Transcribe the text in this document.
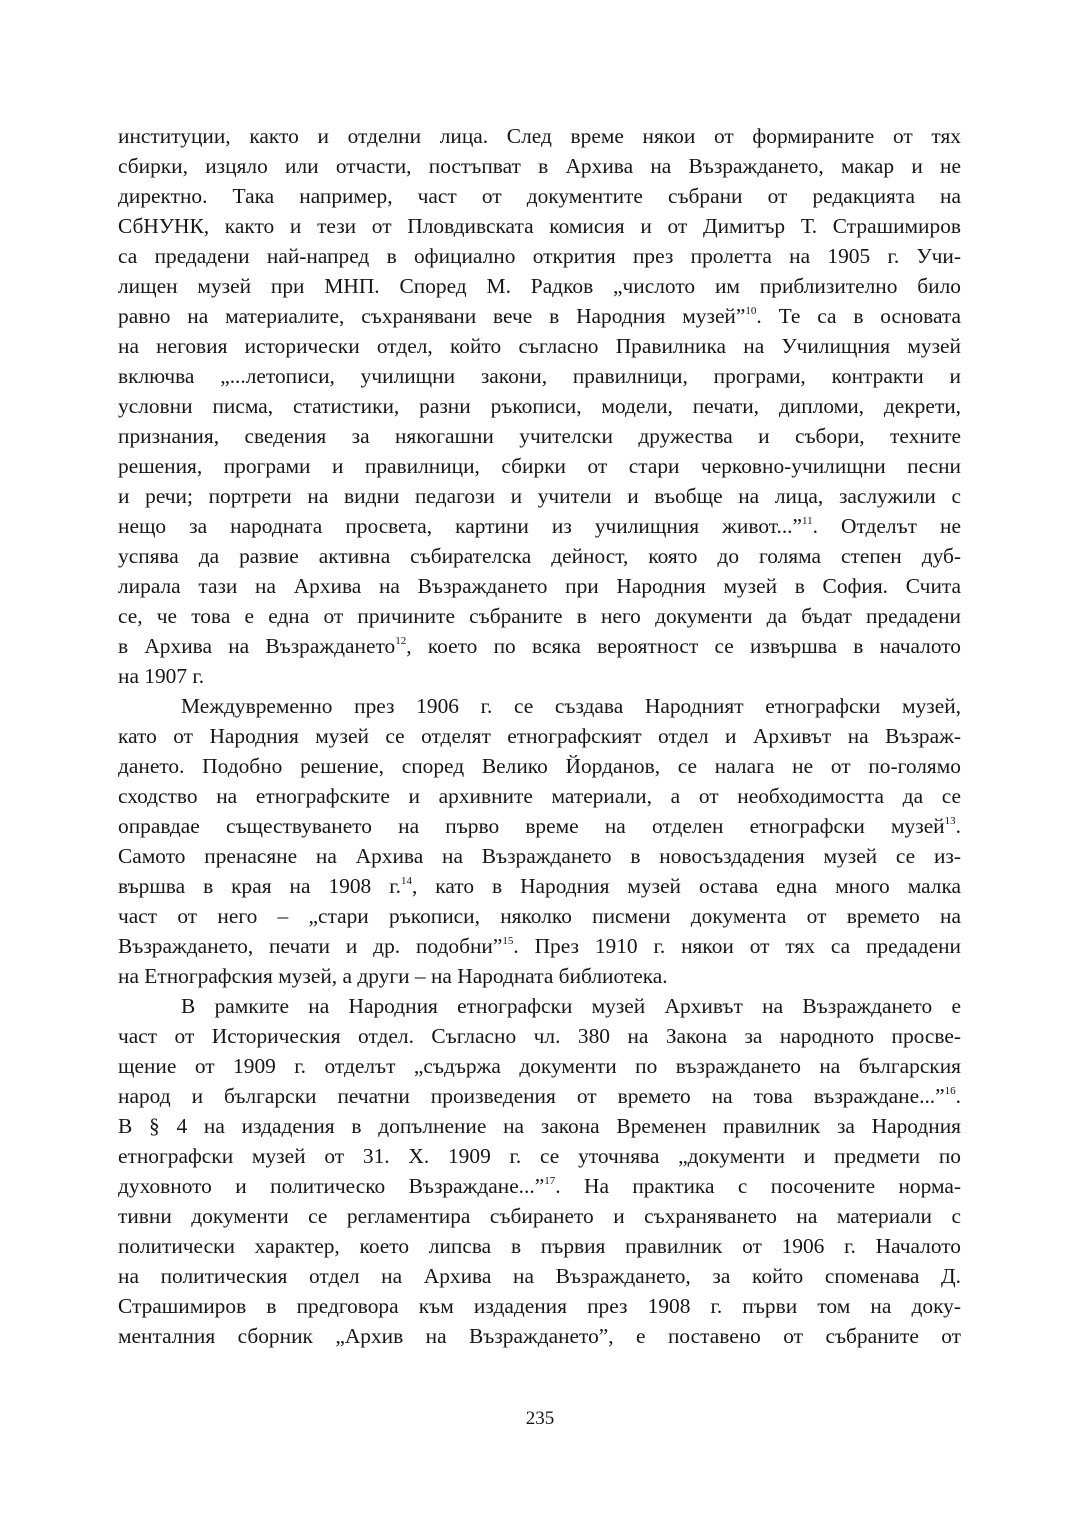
институции, както и отделни лица. След време някои от формираните от тях
сбирки, изцяло или отчасти, постъпват в Архива на Възраждането, макар и не
директно. Така например, част от документите събрани от редакцията на
СбНУНК, както и тези от Пловдивската комисия и от Димитър Т. Страшимиров
са предадени най-напред в официално открития през пролетта на 1905 г. Учи-
лищен музей при МНП. Според М. Радков „числото им приблизително било
равно на материалите, съхранявани вече в Народния музей”$^{10}$. Те са в основата
на неговия исторически отдел, който съгласно Правилника на Училищния музей
включва „...летописи, училищни закони, правилници, програми, контракти и
условни писма, статистики, разни ръкописи, модели, печати, дипломи, декрети,
признания, сведения за някогашни учителски дружества и събори, техните
решения, програми и правилници, сбирки от стари черковно-училищни песни
и речи; портрети на видни педагози и учители и въобще на лица, заслужили с
нещо за народната просвета, картини из училищния живот...”$^{11}$. Отделът не
успява да развие активна събирателска дейност, която до голяма степен дуб-
лирала тази на Архива на Възраждането при Народния музей в София. Счита
се, че това е една от причините събраните в него документи да бъдат предадени
в Архива на Възраждането$^{12}$, което по всяка вероятност се извършва в началото
на 1907 г.
Междувременно през 1906 г. се създава Народният етнографски музей,
като от Народния музей се отделят етнографският отдел и Архивът на Възраж-
дането. Подобно решение, според Велико Йорданов, се налага не от по-голямо
сходство на етнографските и архивните материали, а от необходимостта да се
оправдае съществуването на първо време на отделен етнографски музей$^{13}$.
Самото пренасяне на Архива на Възраждането в новосъздадения музей се из-
вършва в края на 1908 г.$^{14}$, като в Народния музей остава една много малка
част от него – „стари ръкописи, няколко писмени документа от времето на
Възраждането, печати и др. подобни”$^{15}$. През 1910 г. някои от тях са предадени
на Етнографския музей, а други – на Народната библиотека.
В рамките на Народния етнографски музей Архивът на Възраждането е
част от Историческия отдел. Съгласно чл. 380 на Закона за народното просве-
щение от 1909 г. отделът „съдържа документи по възраждането на българския
народ и български печатни произведения от времето на това възраждане...”$^{16}$.
В § 4 на издадения в допълнение на закона Временен правилник за Народния
етнографски музей от 31. Х. 1909 г. се уточнява „документи и предмети по
духовното и политическо Възраждане...”$^{17}$. На практика с посочените норма-
тивни документи се регламентира събирането и съхраняването на материали с
политически характер, което липсва в първия правилник от 1906 г. Началото
на политическия отдел на Архива на Възраждането, за който споменава Д.
Страшимиров в предговора към издадения през 1908 г. първи том на доку-
менталния сборник „Архив на Възраждането”, е поставено от събраните от
235
